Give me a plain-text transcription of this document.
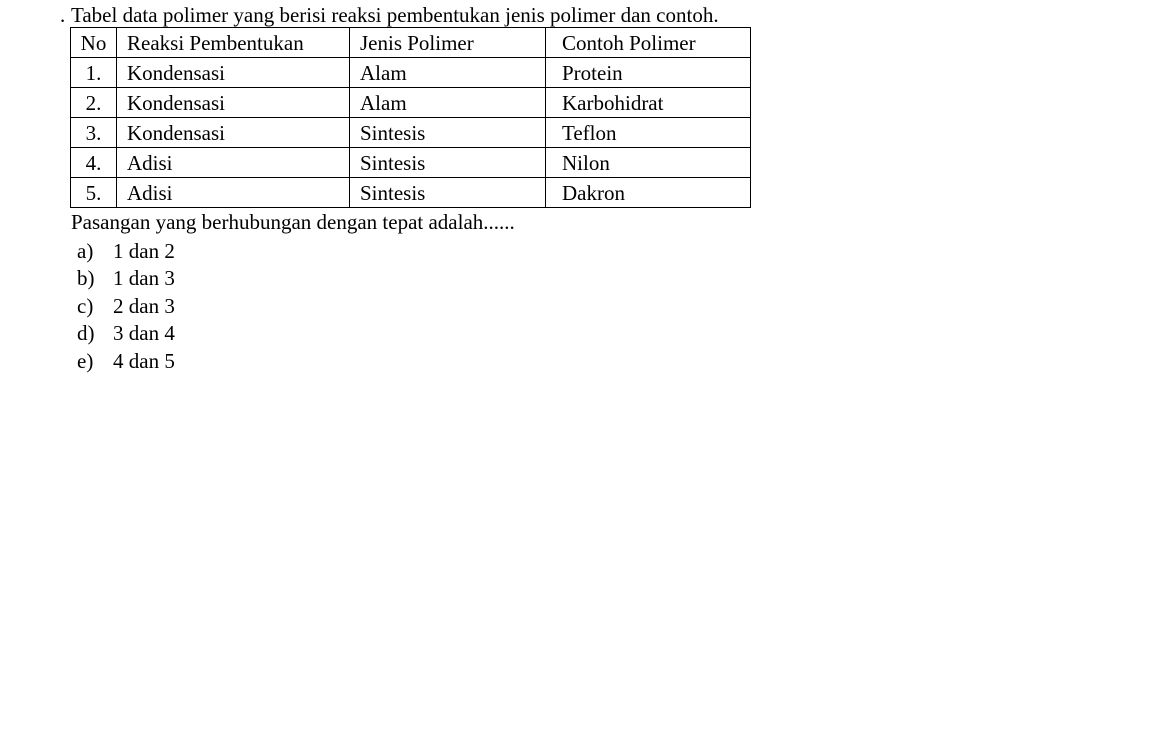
. Tabel data polimer yang berisi reaksi pembentukan jenis polimer dan contoh.
No	Reaksi Pembentukan	Jenis Polimer	Contoh Polimer
1.	Kondensasi	Alam	Protein
2.	Kondensasi	Alam	Karbohidrat
3.	Kondensasi	Sintesis	Teflon
4.	Adisi	Sintesis	Nilon
5.	Adisi	Sintesis	Dakron
Pasangan yang berhubungan dengan tepat adalah......
a) 1 dan 2
b) 1 dan 3
c) 2 dan 3
d) 3 dan 4
e) 4 dan 5
